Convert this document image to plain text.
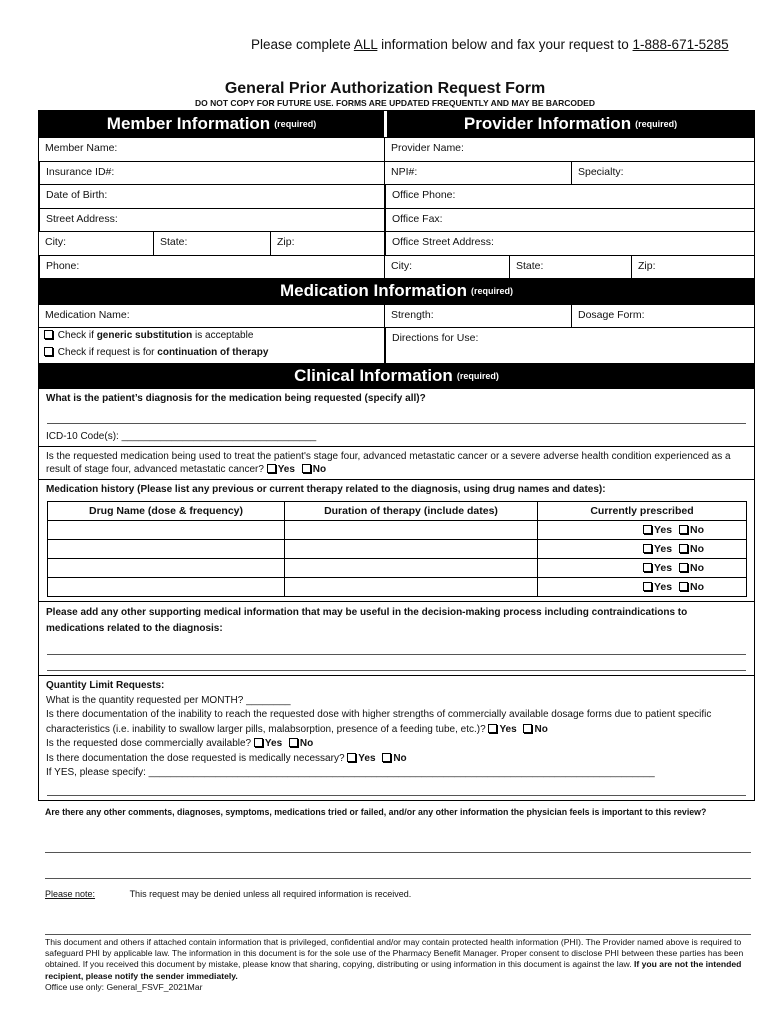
Please complete ALL information below and fax your request to 1-888-671-5285
General Prior Authorization Request Form
DO NOT COPY FOR FUTURE USE. FORMS ARE UPDATED FREQUENTLY AND MAY BE BARCODED
Member Information (required)	Provider Information (required)
Member Name:
Insurance ID#:
Date of Birth:
Street Address:
City:	State:	Zip:
Phone:
Provider Name:
NPI#:	Specialty:
Office Phone:
Office Fax:
Office Street Address:
City:	State:	Zip:
Medication Information (required)
Medication Name:
Check if generic substitution is acceptable
Check if request is for continuation of therapy
Strength:	Dosage Form:
Directions for Use:
Clinical Information (required)
What is the patient’s diagnosis for the medication being requested (specify all)?
ICD-10 Code(s): ___________________________________
Is the requested medication being used to treat the patient's stage four, advanced metastatic cancer or a severe adverse health condition experienced as a result of stage four, advanced metastatic cancer? Yes No
Medication history (Please list any previous or current therapy related to the diagnosis, using drug names and dates):
Drug Name (dose & frequency)	Duration of therapy (include dates)	Currently prescribed
		Yes No
		Yes No
		Yes No
		Yes No
Please add any other supporting medical information that may be useful in the decision-making process including contraindications to medications related to the diagnosis:
Quantity Limit Requests:
What is the quantity requested per MONTH? ________
Is there documentation of the inability to reach the requested dose with higher strengths of commercially available dosage forms due to patient specific characteristics (i.e. inability to swallow larger pills, malabsorption, presence of a feeding tube, etc.)? Yes No
Is the requested dose commercially available? Yes No
Is there documentation the dose requested is medically necessary? Yes No
If YES, please specify: ___________________________________________________________________________________________
Are there any other comments, diagnoses, symptoms, medications tried or failed, and/or any other information the physician feels is important to this review?
Please note:	This request may be denied unless all required information is received.
This document and others if attached contain information that is privileged, confidential and/or may contain protected health information (PHI). The Provider named above is required to safeguard PHI by applicable law. The information in this document is for the sole use of the Pharmacy Benefit Manager. Proper consent to disclose PHI between these parties has been obtained. If you received this document by mistake, please know that sharing, copying, distributing or using information in this document is against the law. If you are not the intended recipient, please notify the sender immediately.
Office use only: General_FSVF_2021Mar
